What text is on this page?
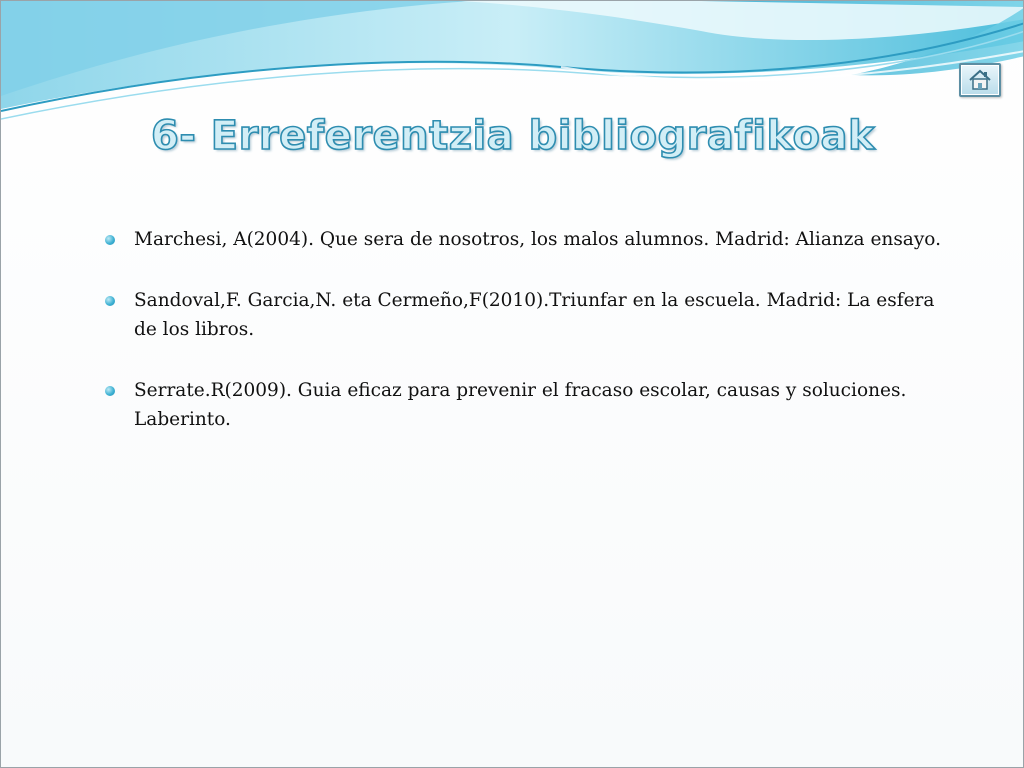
6- Erreferentzia bibliografikoak
Marchesi, A(2004). Que sera de nosotros, los malos alumnos. Madrid: Alianza ensayo.
Sandoval,F. Garcia,N. eta Cermeño,F(2010).Triunfar en la escuela. Madrid: La esfera de los libros.
Serrate.R(2009). Guia eficaz para prevenir el fracaso escolar, causas y soluciones. Laberinto.
